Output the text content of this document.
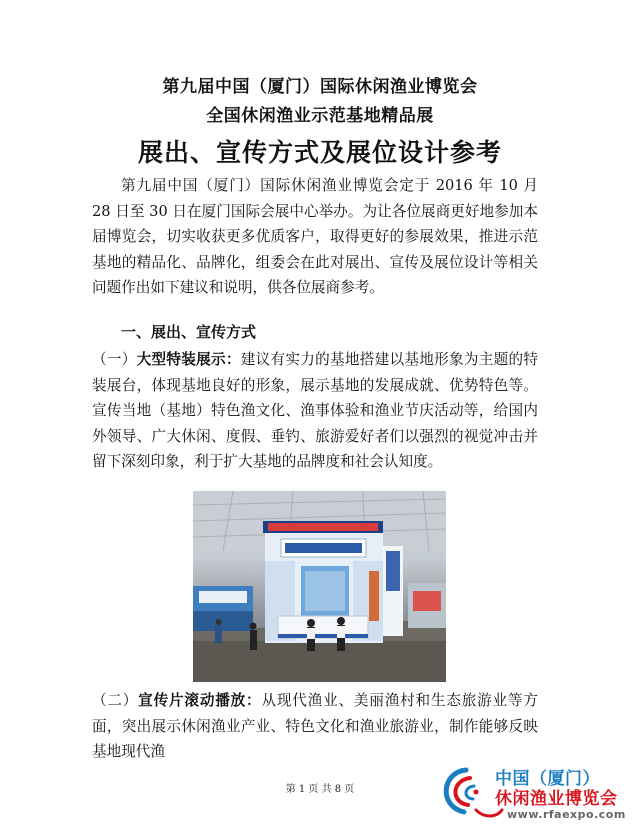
第九届中国（厦门）国际休闲渔业博览会
全国休闲渔业示范基地精品展
展出、宣传方式及展位设计参考

第九届中国（厦门）国际休闲渔业博览会定于 2016 年 10 月 28 日至 30 日在厦门国际会展中心举办。为让各位展商更好地参加本届博览会，切实收获更多优质客户，取得更好的参展效果，推进示范基地的精品化、品牌化，组委会在此对展出、宣传及展位设计等相关问题作出如下建议和说明，供各位展商参考。

一、展出、宣传方式

（一）大型特装展示：建议有实力的基地搭建以基地形象为主题的特装展台，体现基地良好的形象，展示基地的发展成就、优势特色等。宣传当地（基地）特色渔文化、渔事体验和渔业节庆活动等，给国内外领导、广大休闲、度假、垂钓、旅游爱好者们以强烈的视觉冲击并留下深刻印象，利于扩大基地的品牌度和社会认知度。

（二）宣传片滚动播放：从现代渔业、美丽渔村和生态旅游业等方面，突出展示休闲渔业产业、特色文化和渔业旅游业，制作能够反映基地现代渔

第 1 页 共 8 页
中国（厦门）
休闲渔业博览会
www.rfaexpo.com
